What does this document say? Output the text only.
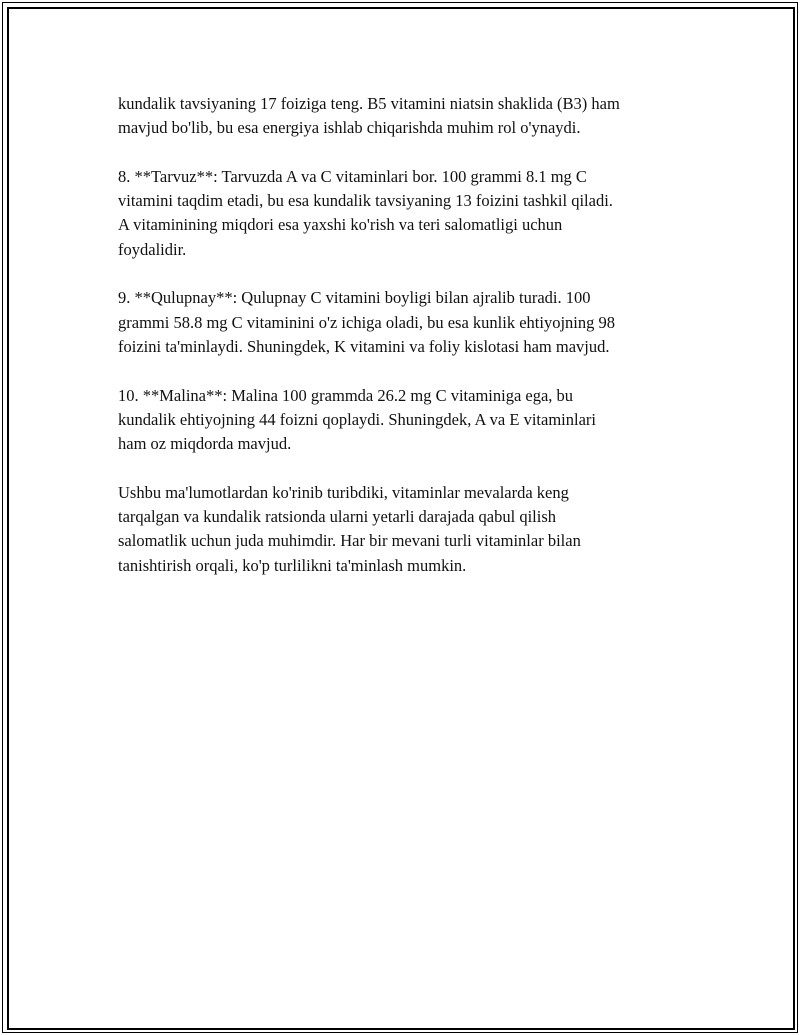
kundalik tavsiyaning 17 foiziga teng. B5 vitamini niatsin shaklida (B3) ham
mavjud bo'lib, bu esa energiya ishlab chiqarishda muhim rol o'ynaydi.

8. **Tarvuz**: Tarvuzda A va C vitaminlari bor. 100 grammi 8.1 mg C
vitamini taqdim etadi, bu esa kundalik tavsiyaning 13 foizini tashkil qiladi.
A vitaminining miqdori esa yaxshi ko'rish va teri salomatligi uchun
foydalidir.

9. **Qulupnay**: Qulupnay C vitamini boyligi bilan ajralib turadi. 100
grammi 58.8 mg C vitaminini o'z ichiga oladi, bu esa kunlik ehtiyojning 98
foizini ta'minlaydi. Shuningdek, K vitamini va foliy kislotasi ham mavjud.

10. **Malina**: Malina 100 grammda 26.2 mg C vitaminiga ega, bu
kundalik ehtiyojning 44 foizni qoplaydi. Shuningdek, A va E vitaminlari
ham oz miqdorda mavjud.

Ushbu ma'lumotlardan ko'rinib turibdiki, vitaminlar mevalarda keng
tarqalgan va kundalik ratsionda ularni yetarli darajada qabul qilish
salomatlik uchun juda muhimdir. Har bir mevani turli vitaminlar bilan
tanishtirish orqali, ko'p turlilikni ta'minlash mumkin.
